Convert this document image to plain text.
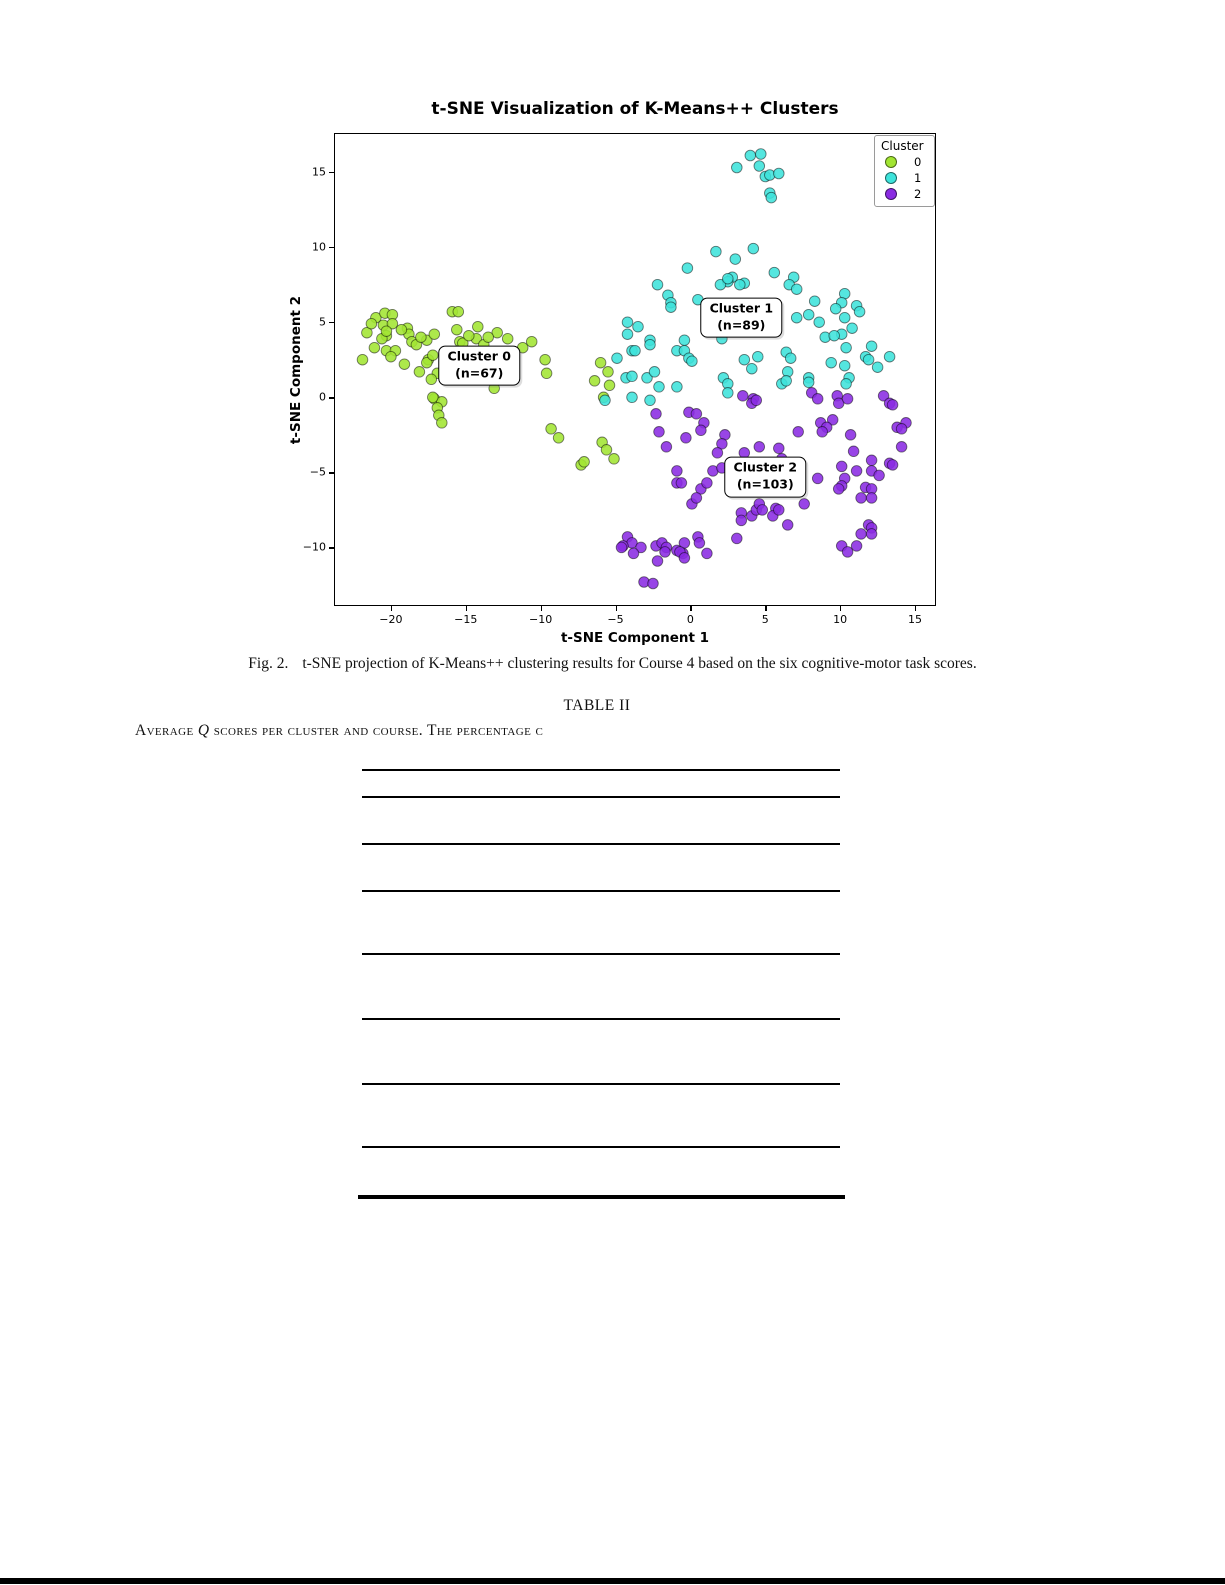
t-SNE Visualization of K-Means++ Clusters
−20	−15	−10	−5	0	5	10	15
−10
−5
0
5
10
15
t-SNE Component 1
t-SNE Component 2
Cluster
0
1
2
Cluster 0
(n=67)
Cluster 1
(n=89)
Cluster 2
(n=103)
Fig. 2. t-SNE projection of K-Means++ clustering results for Course 4 based on the six cognitive-motor task scores.
TABLE II
Average Q scores per cluster and course. The percentage c
